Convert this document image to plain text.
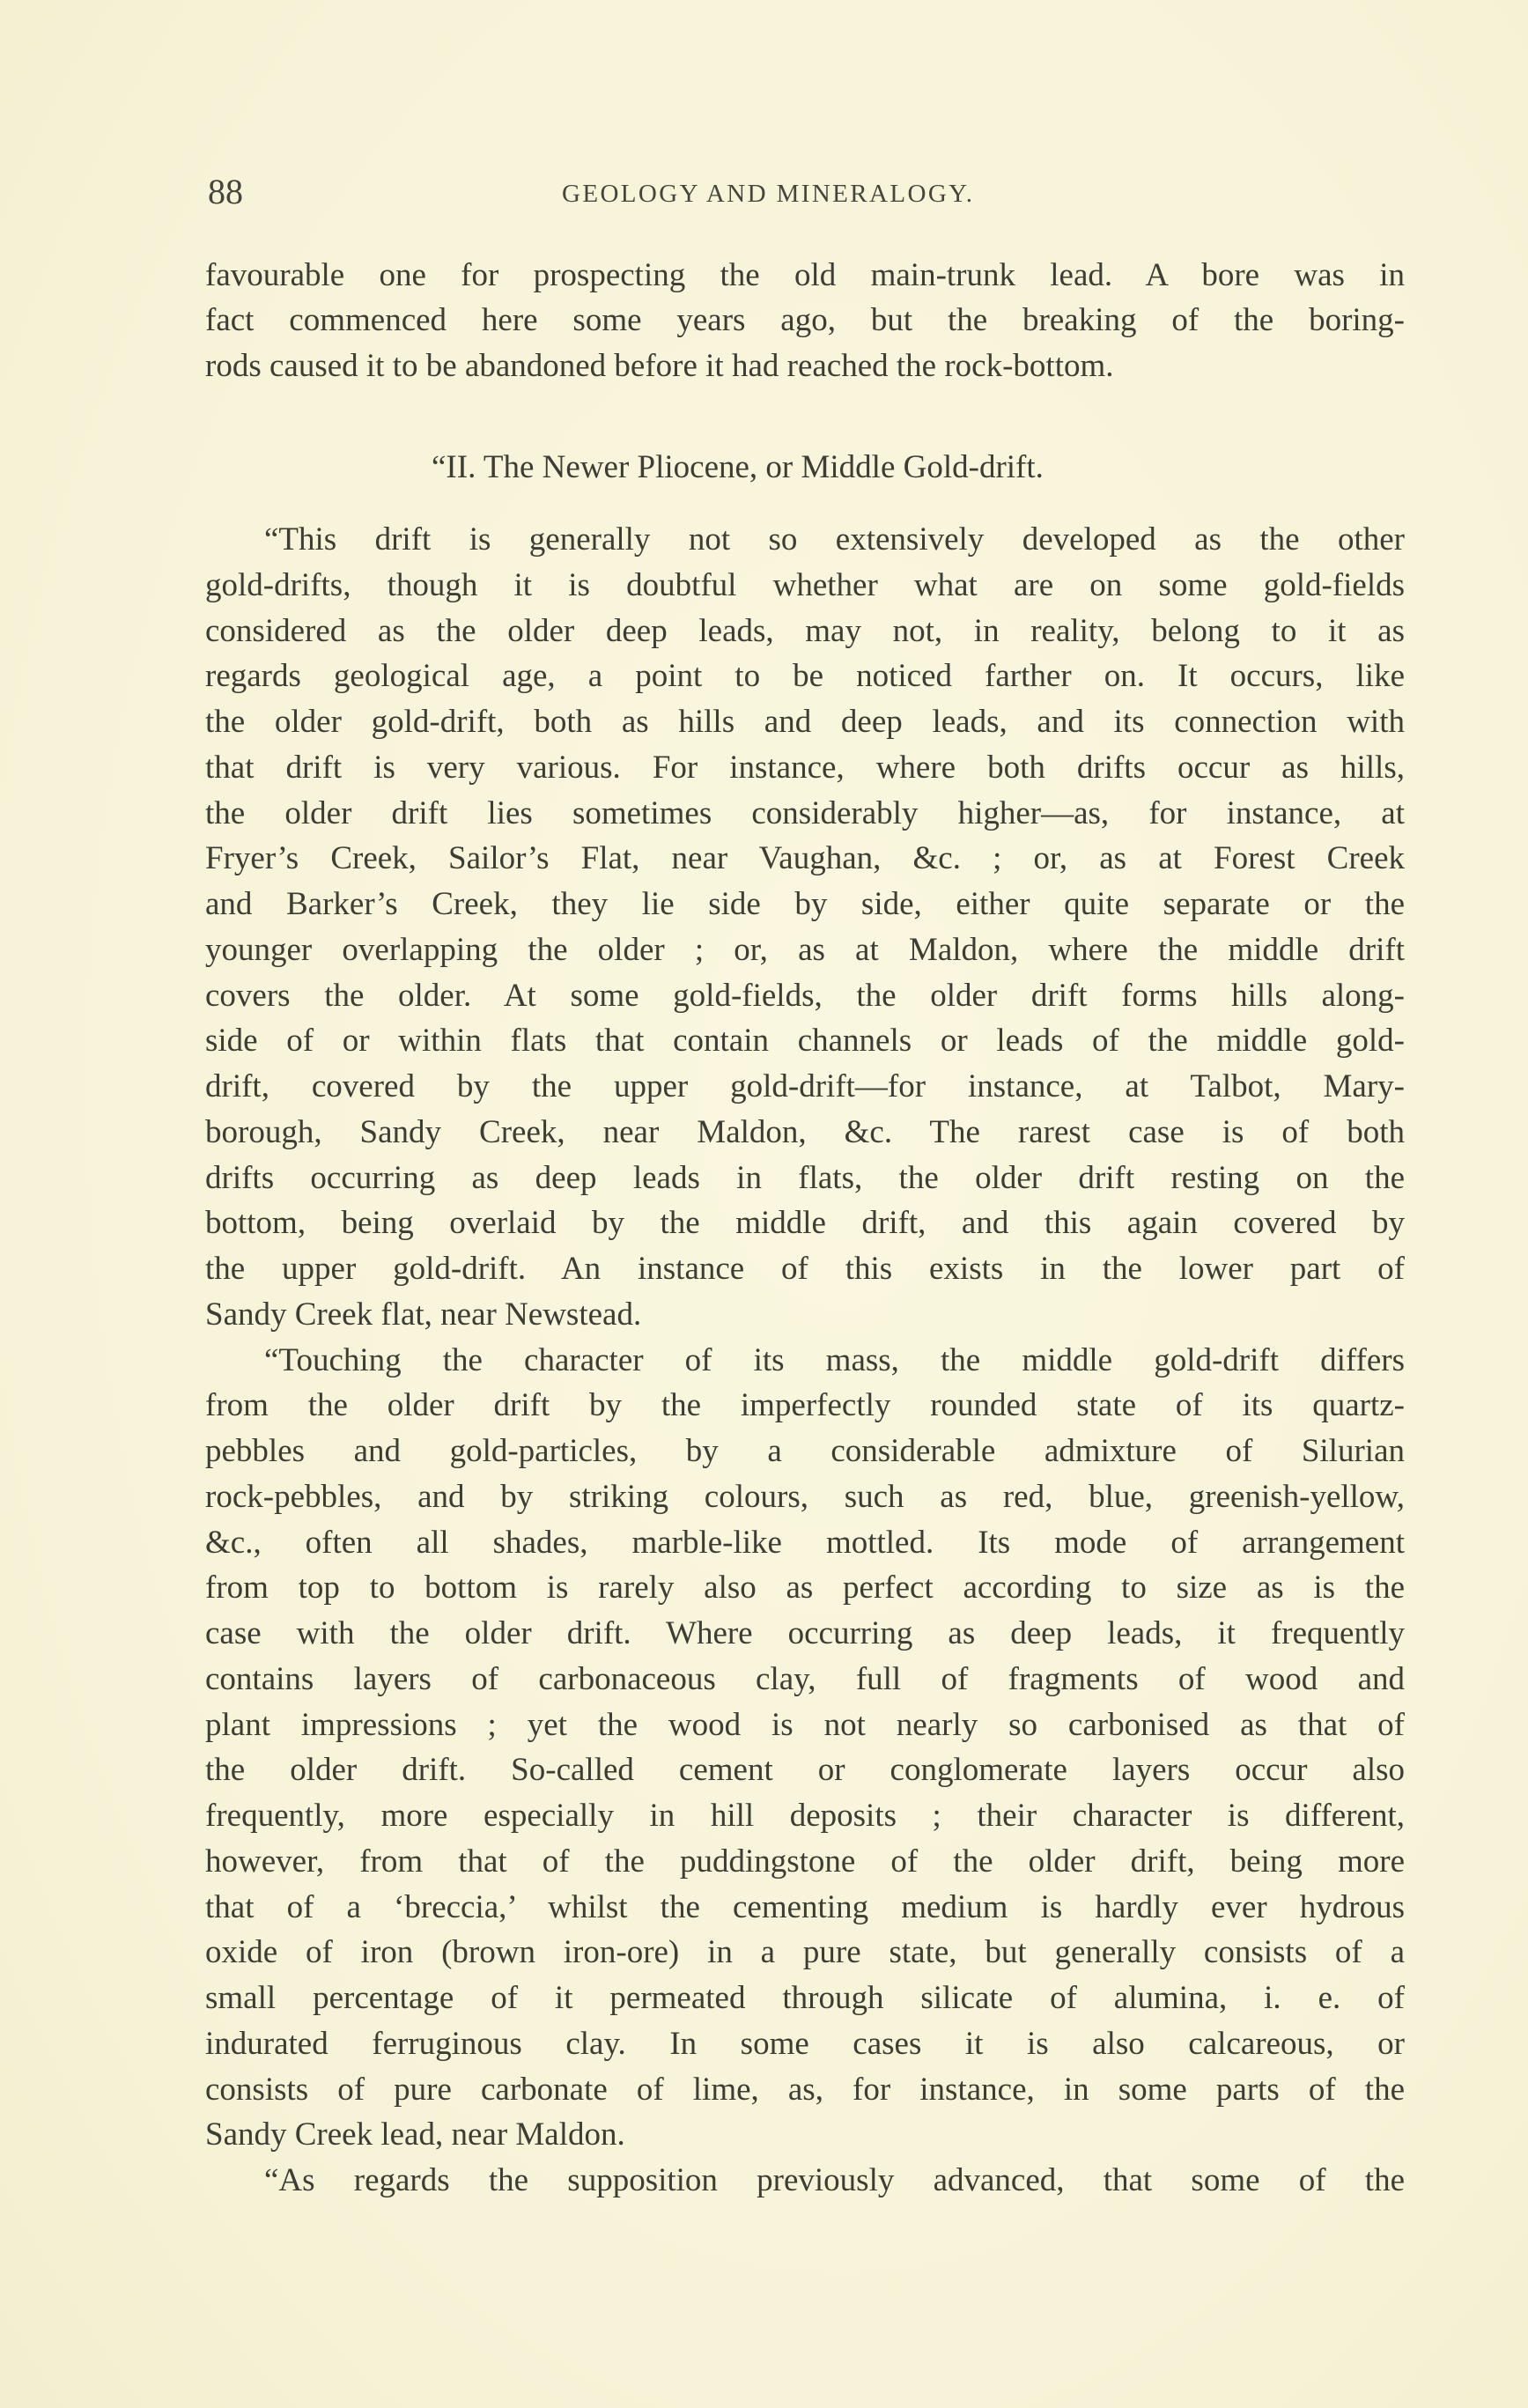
88	GEOLOGY AND MINERALOGY.
favourable one for prospecting the old main-trunk lead. A bore was in
fact commenced here some years ago, but the breaking of the boring-
rods caused it to be abandoned before it had reached the rock-bottom.
“II. The Newer Pliocene, or Middle Gold-drift.
“This drift is generally not so extensively developed as the other
gold-drifts, though it is doubtful whether what are on some gold-fields
considered as the older deep leads, may not, in reality, belong to it as
regards geological age, a point to be noticed farther on. It occurs, like
the older gold-drift, both as hills and deep leads, and its connection with
that drift is very various. For instance, where both drifts occur as hills,
the older drift lies sometimes considerably higher—as, for instance, at
Fryer’s Creek, Sailor’s Flat, near Vaughan, &c. ; or, as at Forest Creek
and Barker’s Creek, they lie side by side, either quite separate or the
younger overlapping the older ; or, as at Maldon, where the middle drift
covers the older. At some gold-fields, the older drift forms hills along-
side of or within flats that contain channels or leads of the middle gold-
drift, covered by the upper gold-drift—for instance, at Talbot, Mary-
borough, Sandy Creek, near Maldon, &c. The rarest case is of both
drifts occurring as deep leads in flats, the older drift resting on the
bottom, being overlaid by the middle drift, and this again covered by
the upper gold-drift. An instance of this exists in the lower part of
Sandy Creek flat, near Newstead.
“Touching the character of its mass, the middle gold-drift differs
from the older drift by the imperfectly rounded state of its quartz-
pebbles and gold-particles, by a considerable admixture of Silurian
rock-pebbles, and by striking colours, such as red, blue, greenish-yellow,
&c., often all shades, marble-like mottled. Its mode of arrangement
from top to bottom is rarely also as perfect according to size as is the
case with the older drift. Where occurring as deep leads, it frequently
contains layers of carbonaceous clay, full of fragments of wood and
plant impressions ; yet the wood is not nearly so carbonised as that of
the older drift. So-called cement or conglomerate layers occur also
frequently, more especially in hill deposits ; their character is different,
however, from that of the puddingstone of the older drift, being more
that of a ‘breccia,’ whilst the cementing medium is hardly ever hydrous
oxide of iron (brown iron-ore) in a pure state, but generally consists of a
small percentage of it permeated through silicate of alumina, i. e. of
indurated ferruginous clay. In some cases it is also calcareous, or
consists of pure carbonate of lime, as, for instance, in some parts of the
Sandy Creek lead, near Maldon.
“As regards the supposition previously advanced, that some of the
